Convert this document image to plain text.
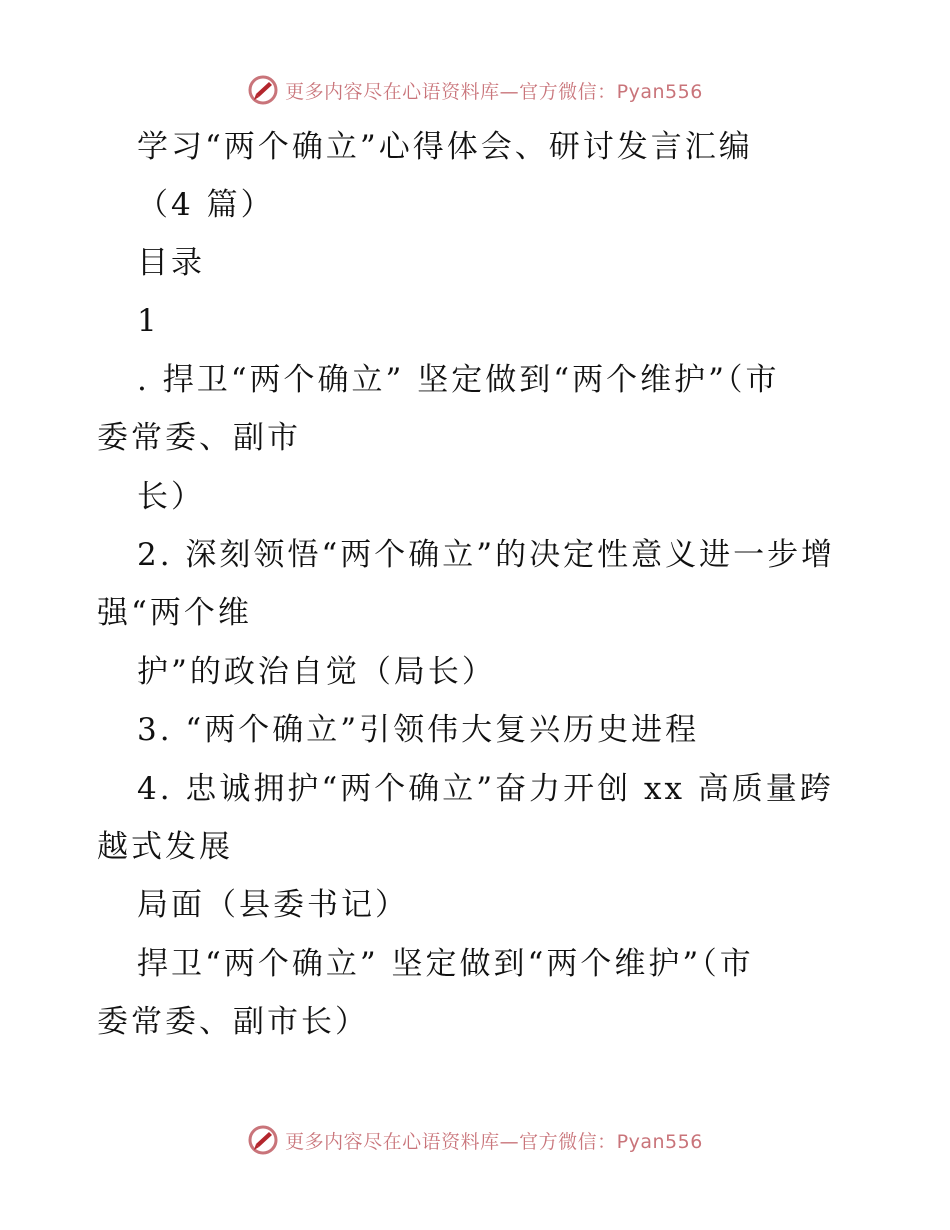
更多内容尽在心语资料库—官方微信：Pyan556
学习“两个确立”心得体会、研讨发言汇编
（4 篇）
目录
1
. 捍卫“两个确立” 坚定做到“两个维护”（市
委常委、副市
长）
2. 深刻领悟“两个确立”的决定性意义进一步增
强“两个维
护”的政治自觉（局长）
3. “两个确立”引领伟大复兴历史进程
4. 忠诚拥护“两个确立”奋力开创 xx 高质量跨
越式发展
局面（县委书记）
捍卫“两个确立” 坚定做到“两个维护”（市
委常委、副市长）
更多内容尽在心语资料库—官方微信：Pyan556
